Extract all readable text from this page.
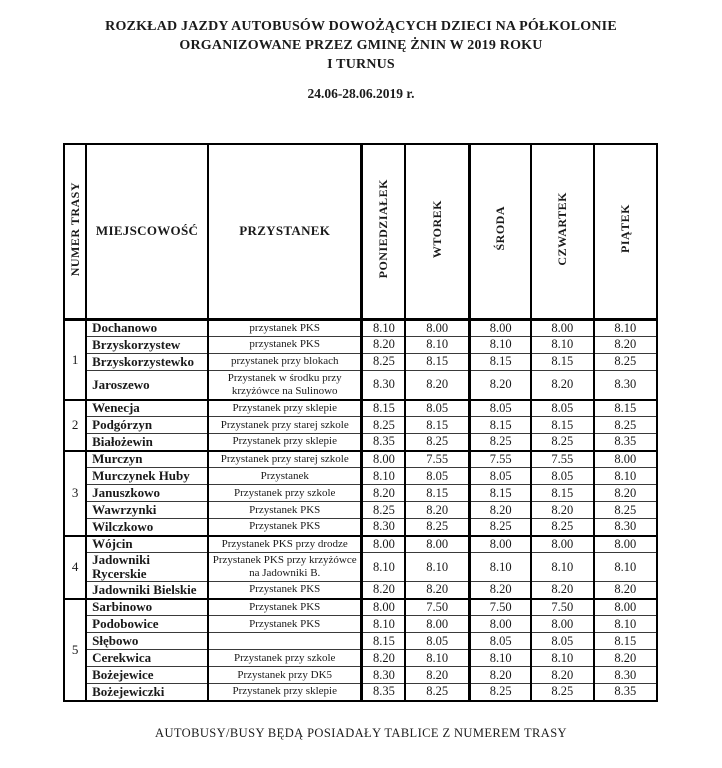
ROZKŁAD JAZDY AUTOBUSÓW DOWOŻĄCYCH DZIECI NA PÓŁKOLONIE
ORGANIZOWANE PRZEZ GMINĘ ŻNIN W 2019 ROKU
I TURNUS
24.06-28.06.2019 r.
NUMER TRASY	MIEJSCOWOŚĆ	PRZYSTANEK	PONIEDZIAŁEK	WTOREK	ŚRODA	CZWARTEK	PIĄTEK
1	Dochanowo	przystanek PKS	8.10	8.00	8.00	8.00	8.10
	Brzyskorzystew	przystanek PKS	8.20	8.10	8.10	8.10	8.20
	Brzyskorzystewko	przystanek przy blokach	8.25	8.15	8.15	8.15	8.25
	Jaroszewo	Przystanek w środku przy krzyżówce na Sulinowo	8.30	8.20	8.20	8.20	8.30
2	Wenecja	Przystanek przy sklepie	8.15	8.05	8.05	8.05	8.15
	Podgórzyn	Przystanek przy starej szkole	8.25	8.15	8.15	8.15	8.25
	Białożewin	Przystanek przy sklepie	8.35	8.25	8.25	8.25	8.35
3	Murczyn	Przystanek przy starej szkole	8.00	7.55	7.55	7.55	8.00
	Murczynek Huby	Przystanek	8.10	8.05	8.05	8.05	8.10
	Januszkowo	Przystanek przy szkole	8.20	8.15	8.15	8.15	8.20
	Wawrzynki	Przystanek PKS	8.25	8.20	8.20	8.20	8.25
	Wilczkowo	Przystanek PKS	8.30	8.25	8.25	8.25	8.30
4	Wójcin	Przystanek PKS przy drodze	8.00	8.00	8.00	8.00	8.00
	Jadowniki Rycerskie	Przystanek PKS przy krzyżówce na Jadowniki B.	8.10	8.10	8.10	8.10	8.10
	Jadowniki Bielskie	Przystanek PKS	8.20	8.20	8.20	8.20	8.20
5	Sarbinowo	Przystanek PKS	8.00	7.50	7.50	7.50	8.00
	Podobowice	Przystanek PKS	8.10	8.00	8.00	8.00	8.10
	Słębowo		8.15	8.05	8.05	8.05	8.15
	Cerekwica	Przystanek przy szkole	8.20	8.10	8.10	8.10	8.20
	Bożejewice	Przystanek przy DK5	8.30	8.20	8.20	8.20	8.30
	Bożejewiczki	Przystanek przy sklepie	8.35	8.25	8.25	8.25	8.35
AUTOBUSY/BUSY BĘDĄ POSIADAŁY TABLICE Z NUMEREM TRASY
